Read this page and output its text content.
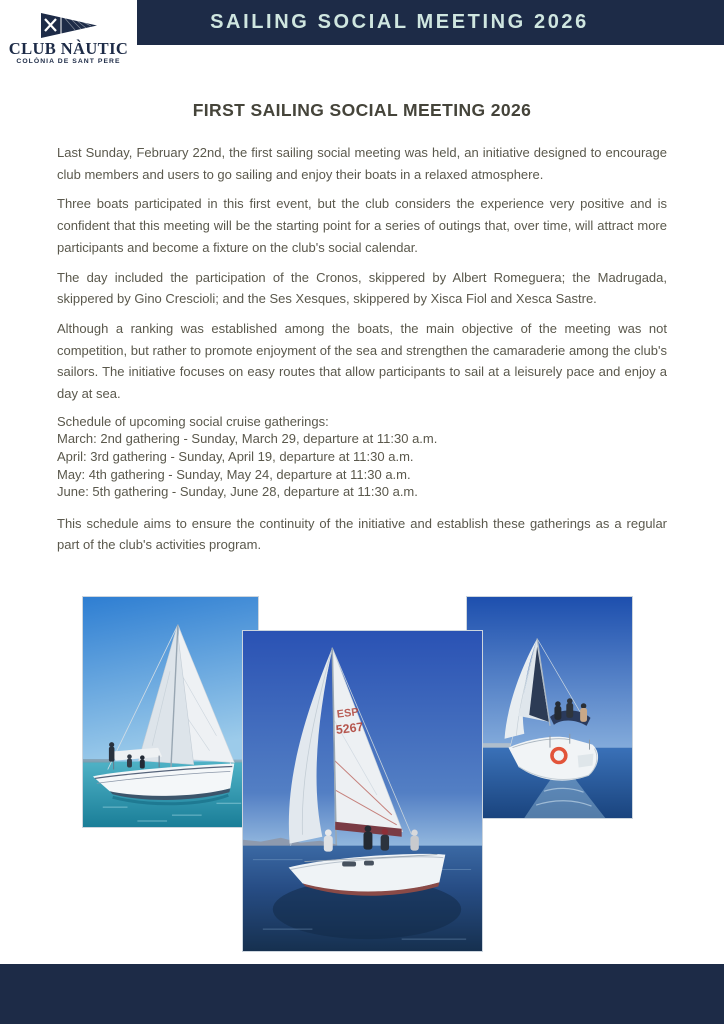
CLUB NÀUTIC
COLÒNIA DE SANT PERE
SAILING SOCIAL MEETING 2026
FIRST SAILING SOCIAL MEETING 2026

Last Sunday, February 22nd, the first sailing social meeting was held, an initiative designed to encourage club members and users to go sailing and enjoy their boats in a relaxed atmosphere.

Three boats participated in this first event, but the club considers the experience very positive and is confident that this meeting will be the starting point for a series of outings that, over time, will attract more participants and become a fixture on the club's social calendar.

The day included the participation of the Cronos, skippered by Albert Romeguera; the Madrugada, skippered by Gino Crescioli; and the Ses Xesques, skippered by Xisca Fiol and Xesca Sastre.

Although a ranking was established among the boats, the main objective of the meeting was not competition, but rather to promote enjoyment of the sea and strengthen the camaraderie among the club's sailors. The initiative focuses on easy routes that allow participants to sail at a leisurely pace and enjoy a day at sea.

Schedule of upcoming social cruise gatherings:
March: 2nd gathering - Sunday, March 29, departure at 11:30 a.m.
April: 3rd gathering - Sunday, April 19, departure at 11:30 a.m.
May: 4th gathering - Sunday, May 24, departure at 11:30 a.m.
June: 5th gathering - Sunday, June 28, departure at 11:30 a.m.

This schedule aims to ensure the continuity of the initiative and establish these gatherings as a regular part of the club's activities program.

ESP
5267
